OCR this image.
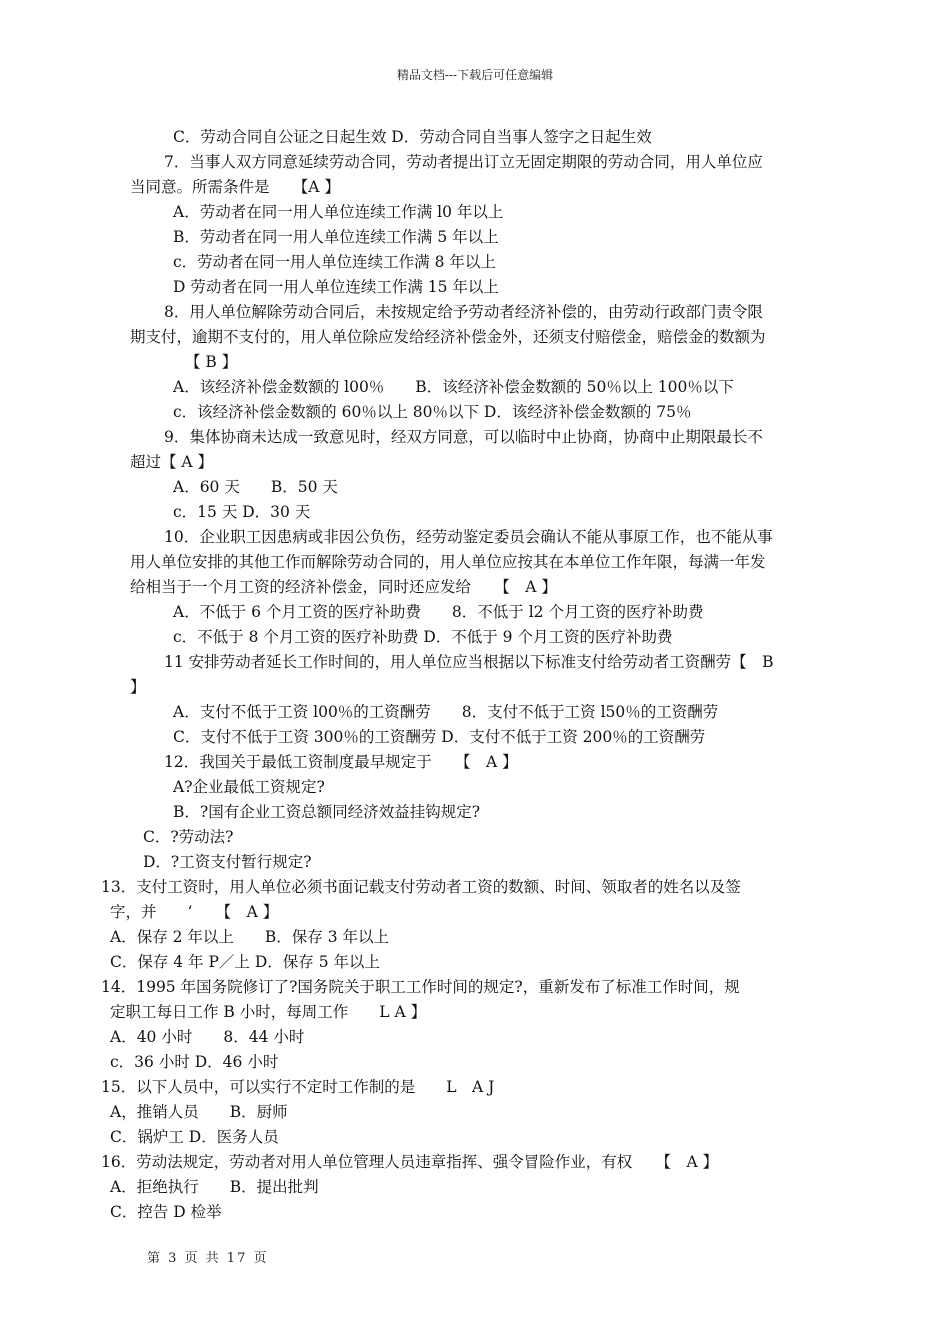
精品文档---下载后可任意编辑
C．劳动合同自公证之日起生效 D．劳动合同自当事人签字之日起生效
7．当事人双方同意延续劳动合同，劳动者提出订立无固定期限的劳动合同，用人单位应
当同意。所需条件是　　【A 】
A．劳动者在同一用人单位连续工作满 l0 年以上
B．劳动者在同一用人单位连续工作满 5 年以上
c．劳动者在同一用人单位连续工作满 8 年以上
D 劳动者在同一用人单位连续工作满 15 年以上
8．用人单位解除劳动合同后，未按规定给予劳动者经济补偿的，由劳动行政部门责令限
期支付，逾期不支付的，用人单位除应发给经济补偿金外，还须支付赔偿金，赔偿金的数额为
【 B 】
A．该经济补偿金数额的 l00％　　B．该经济补偿金数额的 50％以上 100％以下
c．该经济补偿金数额的 60％以上 80％以下 D．该经济补偿金数额的 75％
9．集体协商未达成一致意见时，经双方同意，可以临时中止协商，协商中止期限最长不
超过【 A 】
A．60 天　　B．50 天
c．15 天 D．30 天
10．企业职工因患病或非因公负伤，经劳动鉴定委员会确认不能从事原工作，也不能从事
用人单位安排的其他工作而解除劳动合同的，用人单位应按其在本单位工作年限，每满一年发
给相当于一个月工资的经济补偿金，同时还应发给　　【　A 】
A．不低于 6 个月工资的医疗补助费　　8．不低于 l2 个月工资的医疗补助费
c．不低于 8 个月工资的医疗补助费 D．不低于 9 个月工资的医疗补助费
11 安排劳动者延长工作时间的，用人单位应当根据以下标准支付给劳动者工资酬劳【　B
】
A．支付不低于工资 l00％的工资酬劳　　8．支付不低于工资 l50％的工资酬劳
C．支付不低于工资 300％的工资酬劳 D．支付不低于工资 200％的工资酬劳
12．我国关于最低工资制度最早规定于　　【　A 】
A?企业最低工资规定?
B．?国有企业工资总额同经济效益挂钩规定?
C．?劳动法?
D．?工资支付暂行规定?
13．支付工资时，用人单位必须书面记载支付劳动者工资的数额、时间、领取者的姓名以及签
字，并　　‘　　【　A 】
A．保存 2 年以上　　B．保存 3 年以上
C．保存 4 年 P／上 D．保存 5 年以上
14．1995 年国务院修订了?国务院关于职工工作时间的规定?，重新发布了标准工作时间，规
定职工每日工作 B 小时，每周工作　　L A 】
A．40 小时　　8．44 小时
c．36 小时 D．46 小时
15．以下人员中，可以实行不定时工作制的是　　L　A J
A，推销人员　　B．厨师
C．锅炉工 D．医务人员
16．劳动法规定，劳动者对用人单位管理人员违章指挥、强令冒险作业，有权　　【　A 】
A．拒绝执行　　B．提出批判
C．控告 D 检举
第 3 页 共 17 页
